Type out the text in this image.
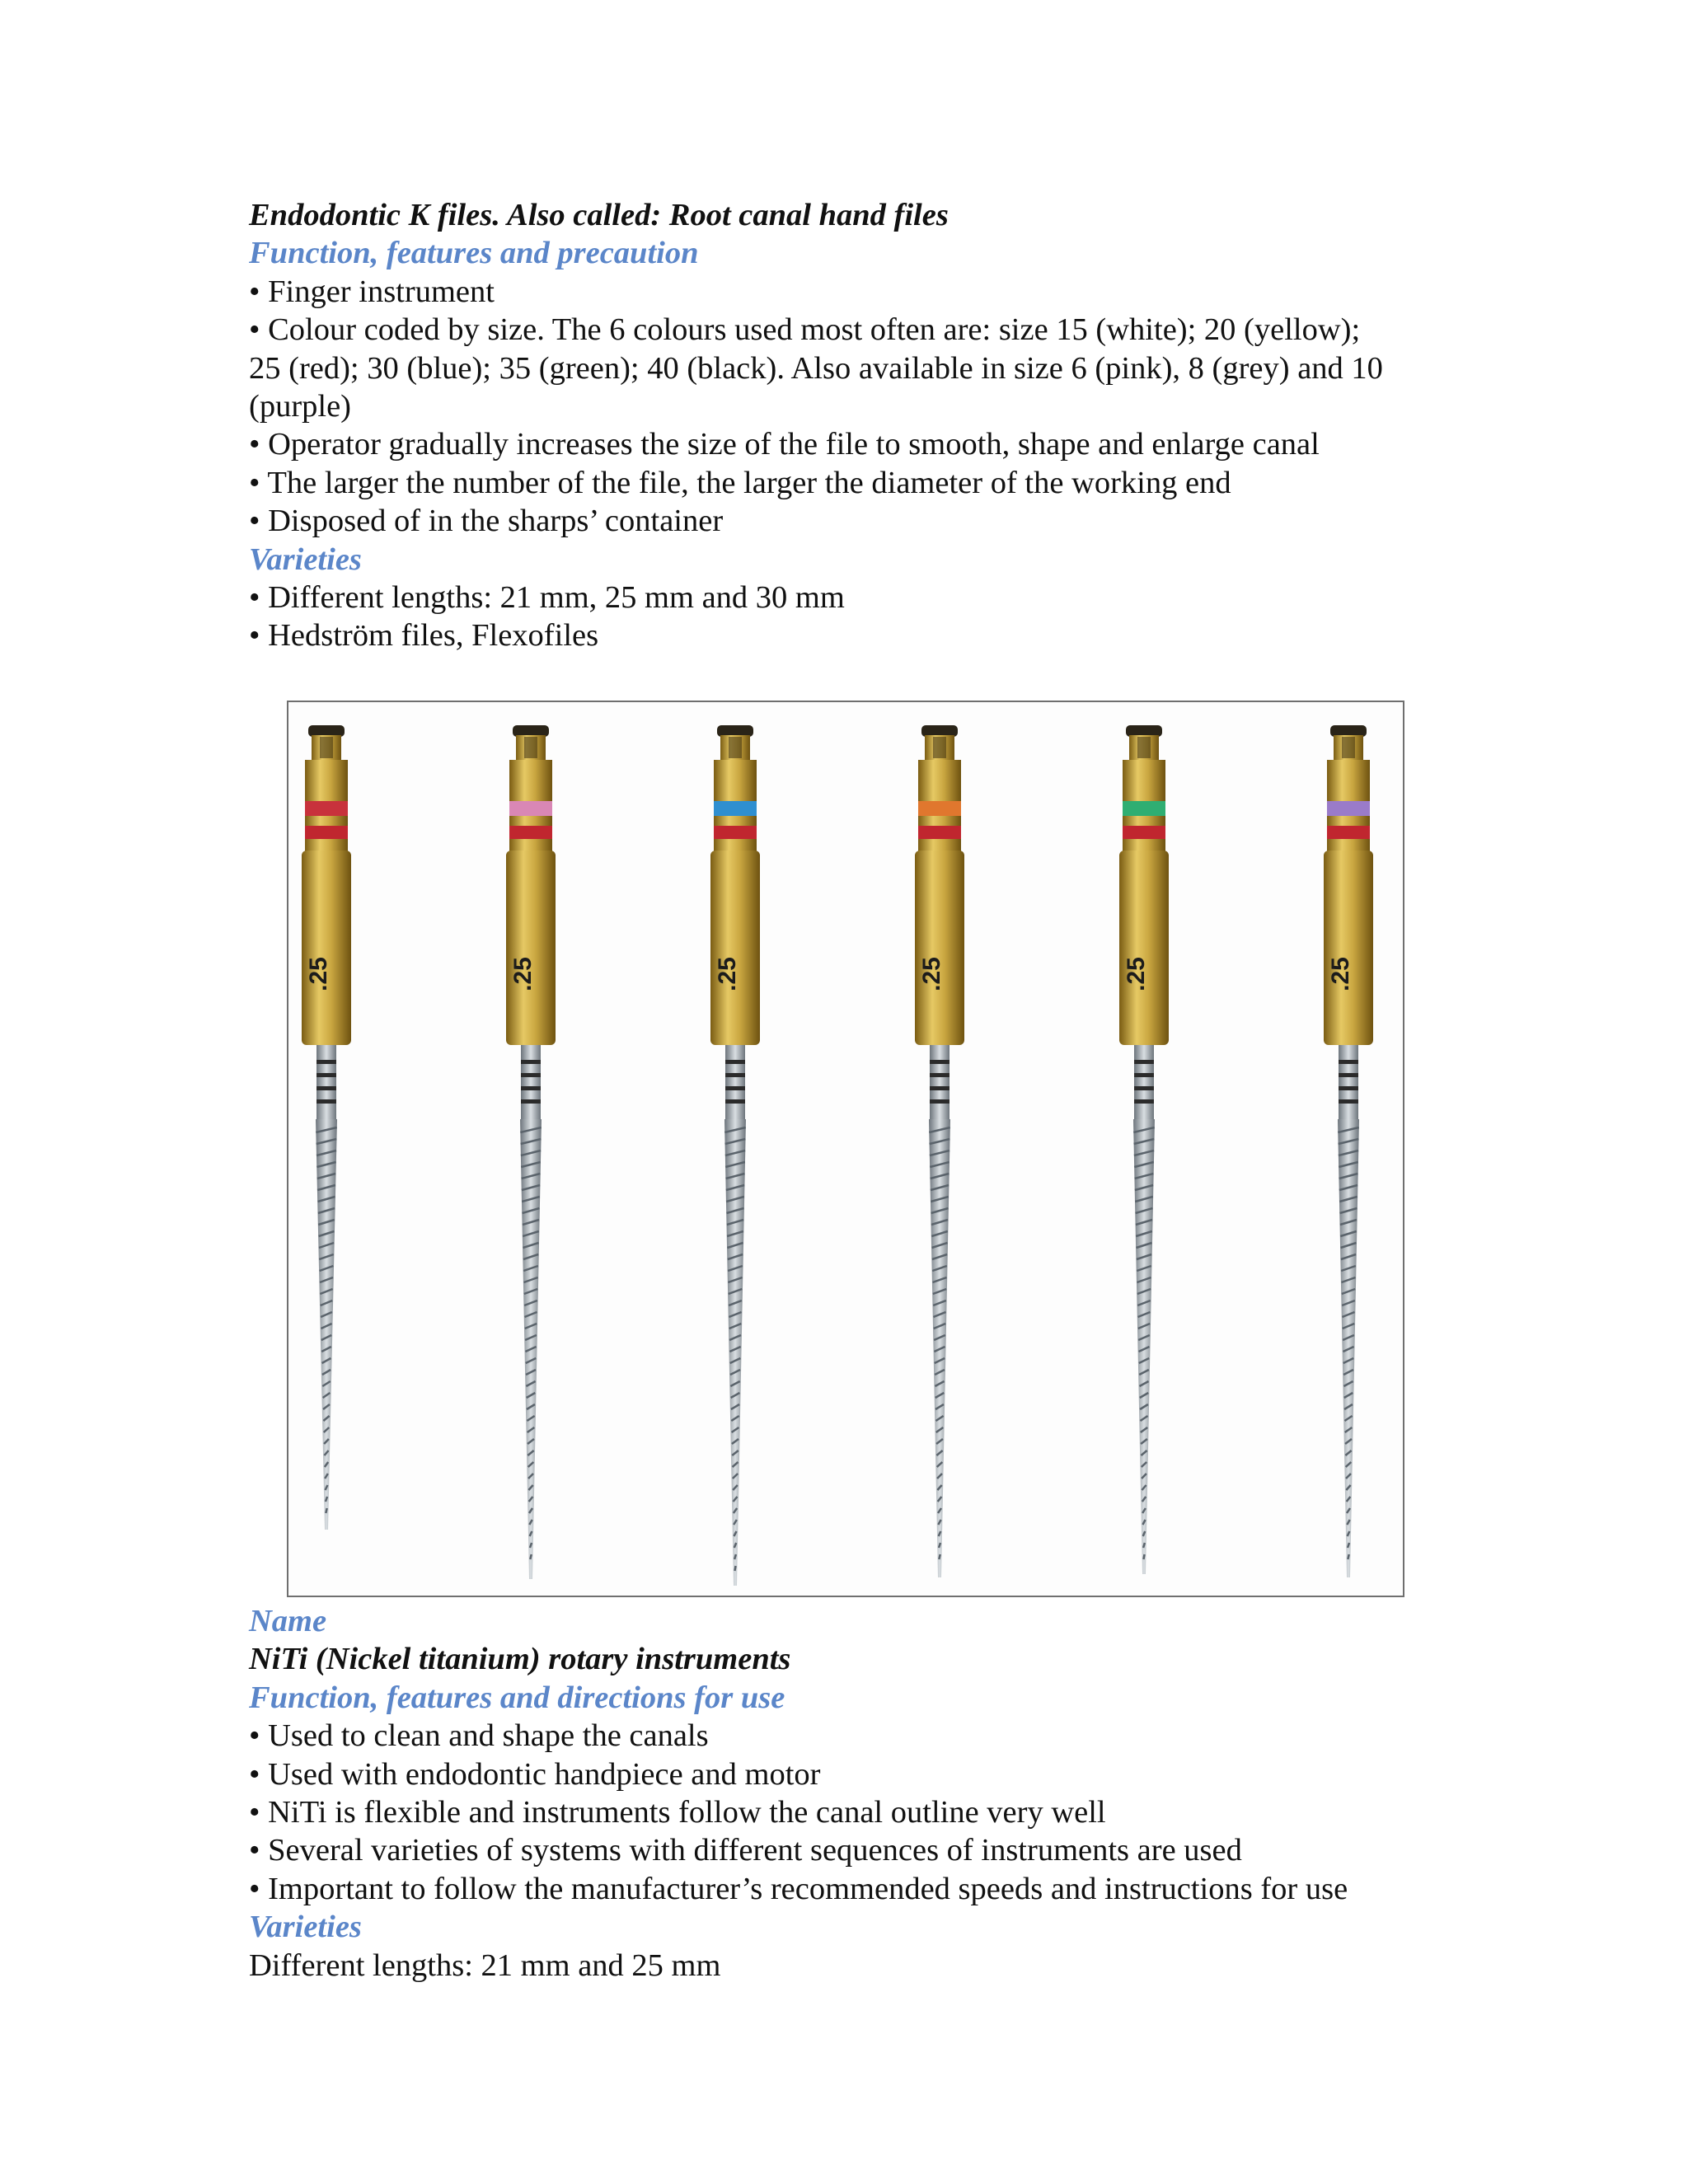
Endodontic K files. Also called: Root canal hand files

Function, features and precaution

• Finger instrument

• Colour coded by size. The 6 colours used most often are: size 15 (white); 20 (yellow);

25 (red); 30 (blue); 35 (green); 40 (black). Also available in size 6 (pink), 8 (grey) and 10

(purple)

• Operator gradually increases the size of the file to smooth, shape and enlarge canal

• The larger the number of the file, the larger the diameter of the working end

• Disposed of in the sharps’ container

Varieties

• Different lengths: 21 mm, 25 mm and 30 mm

• Hedström files, Flexofiles

.25	.25	.25	.25	.25	.25

Name

NiTi (Nickel titanium) rotary instruments

Function, features and directions for use

• Used to clean and shape the canals

• Used with endodontic handpiece and motor

• NiTi is flexible and instruments follow the canal outline very well

• Several varieties of systems with different sequences of instruments are used

• Important to follow the manufacturer’s recommended speeds and instructions for use

Varieties

Different lengths: 21 mm and 25 mm
